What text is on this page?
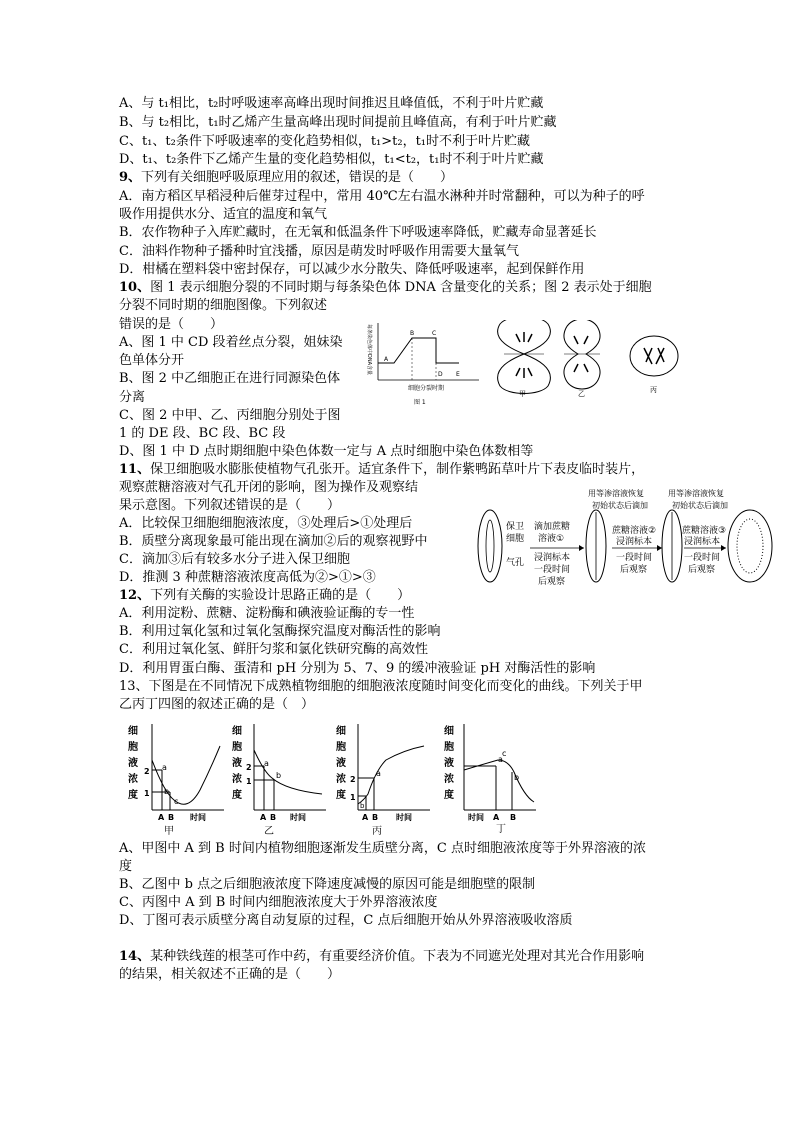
A、与 t₁相比，t₂时呼吸速率高峰出现时间推迟且峰值低，不利于叶片贮藏
B、与 t₂相比，t₁时乙烯产生量高峰出现时间提前且峰值高，有利于叶片贮藏
C、t₁、t₂条件下呼吸速率的变化趋势相似，t₁>t₂，t₁时不利于叶片贮藏
D、t₁、t₂条件下乙烯产生量的变化趋势相似，t₁<t₂，t₁时不利于叶片贮藏
9、下列有关细胞呼吸原理应用的叙述，错误的是（　　）
A．南方稻区早稻浸种后催芽过程中，常用 40℃左右温水淋种并时常翻种，可以为种子的呼
吸作用提供水分、适宜的温度和氧气
B．农作物种子入库贮藏时，在无氧和低温条件下呼吸速率降低，贮藏寿命显著延长
C．油料作物种子播种时宜浅播，原因是萌发时呼吸作用需要大量氧气
D．柑橘在塑料袋中密封保存，可以减少水分散失、降低呼吸速率，起到保鲜作用
10、图 1 表示细胞分裂的不同时期与每条染色体 DNA 含量变化的关系；图 2 表示处于细胞
分裂不同时期的细胞图像。下列叙述
错误的是（　　）
A、图 1 中 CD 段着丝点分裂，姐妹染
色单体分开
B、图 2 中乙细胞正在进行同源染色体
分离
C、图 2 中甲、乙、丙细胞分别处于图
1 的 DE 段、BC 段、BC 段
D、图 1 中 D 点时期细胞中染色体数一定与 A 点时细胞中染色体数相等
每条染色体中DNA含量 A
B	C
D E
细胞分裂时期
图 1
甲	乙	丙
11、保卫细胞吸水膨胀使植物气孔张开。适宜条件下，制作紫鸭跖草叶片下表皮临时装片，
观察蔗糖溶液对气孔开闭的影响，图为操作及观察结
果示意图。下列叙述错误的是（　　）
A．比较保卫细胞细胞液浓度，③处理后>①处理后
B．质壁分离现象最可能出现在滴加②后的观察视野中
C．滴加③后有较多水分子进入保卫细胞
D．推测 3 种蔗糖溶液浓度高低为②>①>③
保卫
细胞
气孔
滴加蔗糖
溶液①
浸润标本
一段时间
后观察
用等渗溶液恢复
初始状态后滴加
蔗糖溶液②
浸润标本
一段时间
后观察
用等渗溶液恢复
初始状态后滴加
蔗糖溶液③
浸润标本
一段时间
后观察
12、下列有关酶的实验设计思路正确的是（　　）
A．利用淀粉、蔗糖、淀粉酶和碘液验证酶的专一性
B．利用过氧化氢和过氧化氢酶探究温度对酶活性的影响
C．利用过氧化氢、鲜肝匀浆和氯化铁研究酶的高效性
D．利用胃蛋白酶、蛋清和 pH 分别为 5、7、9 的缓冲液验证 pH 对酶活性的影响
13、下图是在不同情况下成熟植物细胞的细胞液浓度随时间变化而变化的曲线。下列关于甲
乙丙丁四图的叙述正确的是（　）
细
胞
液
浓
度
2
1
a
b
c
A B 时间
甲
细
胞
液
浓
度
2
1
a
b
A B 时间
乙
细
胞
液
浓
度
2
1
a
b
A B 时间
丙
细
胞
液
浓
度
a
c
b
时间 A B
丁
A、甲图中 A 到 B 时间内植物细胞逐渐发生质壁分离，C 点时细胞液浓度等于外界溶液的浓
度
B、乙图中 b 点之后细胞液浓度下降速度减慢的原因可能是细胞壁的限制
C、丙图中 A 到 B 时间内细胞液浓度大于外界溶液浓度
D、丁图可表示质壁分离自动复原的过程，C 点后细胞开始从外界溶液吸收溶质
14、某种铁线莲的根茎可作中药，有重要经济价值。下表为不同遮光处理对其光合作用影响
的结果，相关叙述不正确的是（　　）
